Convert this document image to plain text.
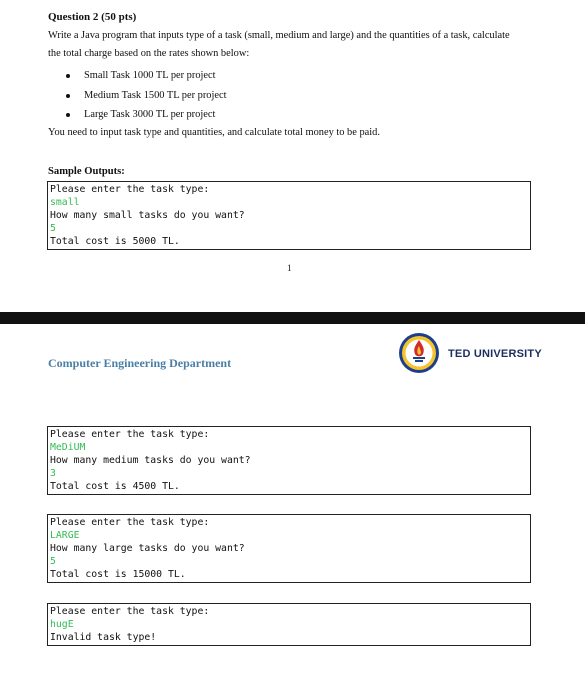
Question 2 (50 pts)
Write a Java program that inputs type of a task (small, medium and large) and the quantities of a task, calculate
the total charge based on the rates shown below:
Small Task 1000 TL per project
Medium Task 1500 TL per project
Large Task 3000 TL per project
You need to input task type and quantities, and calculate total money to be paid.
Sample Outputs:
Please enter the task type:
small
How many small tasks do you want?
5
Total cost is 5000 TL.
1
Computer Engineering Department
TED UNIVERSITY
Please enter the task type:
MeDiUM
How many medium tasks do you want?
3
Total cost is 4500 TL.
Please enter the task type:
LARGE
How many large tasks do you want?
5
Total cost is 15000 TL.
Please enter the task type:
hugE
Invalid task type!
